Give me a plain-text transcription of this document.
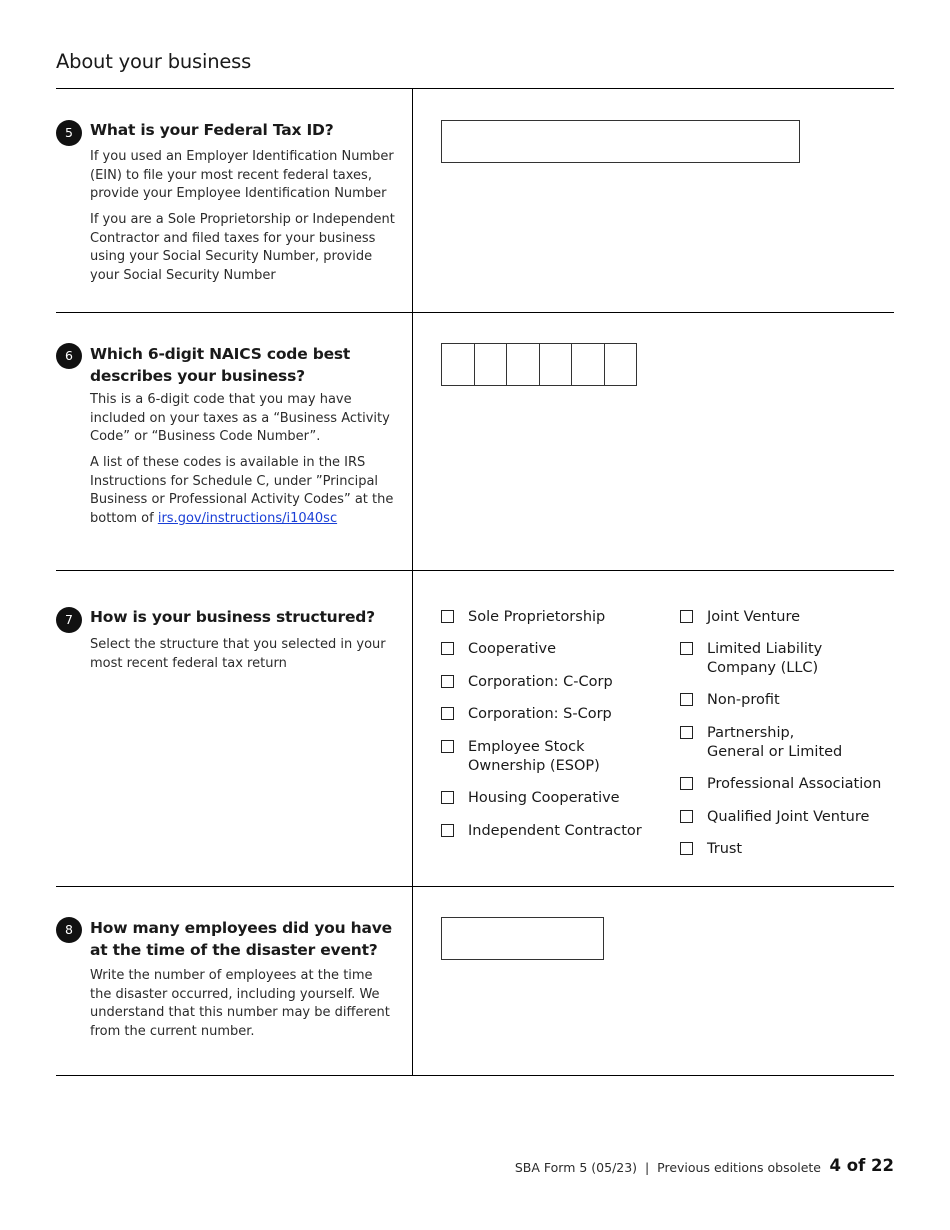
About your business
5	What is your Federal Tax ID?

If you used an Employer Identification Number (EIN) to file your most recent federal taxes, provide your Employee Identification Number

If you are a Sole Proprietorship or Independent Contractor and filed taxes for your business using your Social Security Number, provide your Social Security Number

6	Which 6-digit NAICS code best describes your business?

This is a 6-digit code that you may have included on your taxes as a “Business Activity Code” or “Business Code Number”.

A list of these codes is available in the IRS Instructions for Schedule C, under ”Principal Business or Professional Activity Codes” at the bottom of irs.gov/instructions/i1040sc

7	How is your business structured?

Select the structure that you selected in your most recent federal tax return

Sole Proprietorship
Cooperative
Corporation: C-Corp
Corporation: S-Corp
Employee Stock
Ownership (ESOP)
Housing Cooperative
Independent Contractor
Joint Venture
Limited Liability
Company (LLC)
Non-profit
Partnership,
General or Limited
Professional Association
Qualified Joint Venture
Trust
8	How many employees did you have at the time of the disaster event?

Write the number of employees at the time the disaster occurred, including yourself. We understand that this number may be different from the current number.

SBA Form 5 (05/23)  |  Previous editions obsolete 4 of 22
